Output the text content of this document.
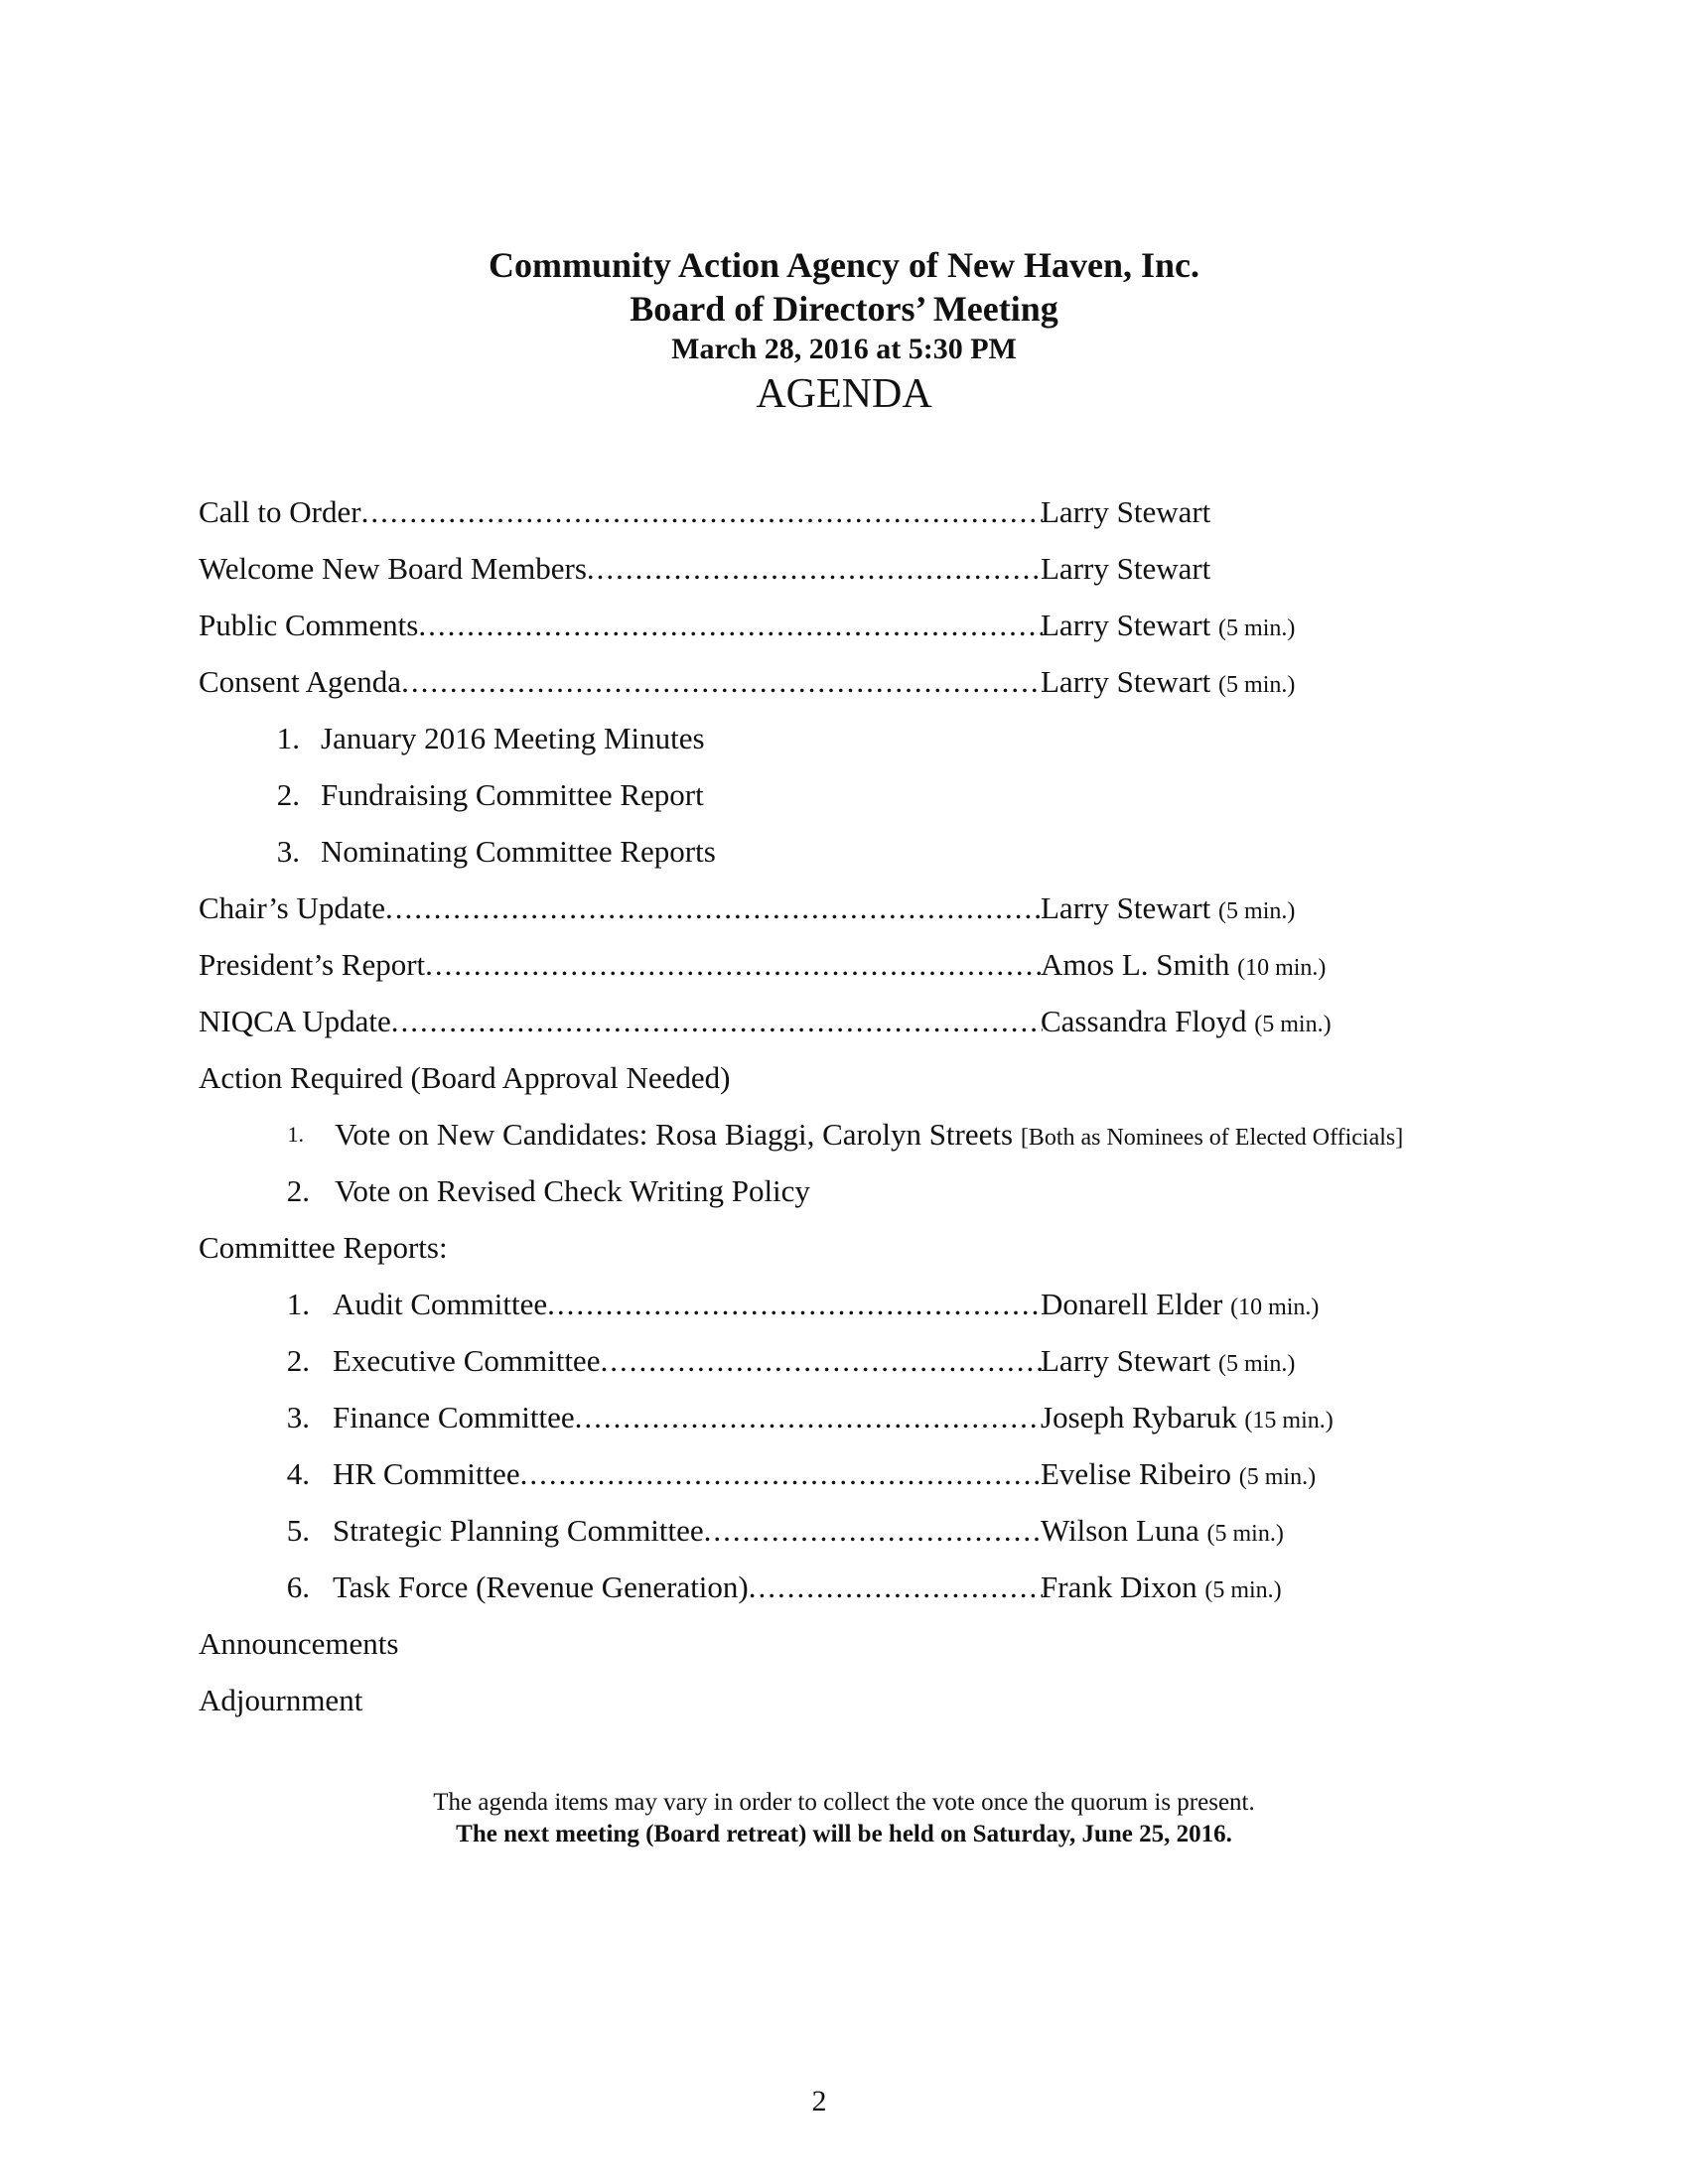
Community Action Agency of New Haven, Inc.
Board of Directors’ Meeting
March 28, 2016 at 5:30 PM
AGENDA
Call to Order .....	Larry Stewart
Welcome New Board Members .....	Larry Stewart
Public Comments .....	Larry Stewart (5 min.)
Consent Agenda .....	Larry Stewart (5 min.)
1. January 2016 Meeting Minutes
2. Fundraising Committee Report
3. Nominating Committee Reports
Chair’s Update .....	Larry Stewart (5 min.)
President’s Report .....	Amos L. Smith (10 min.)
NIQCA Update .....	Cassandra Floyd (5 min.)
Action Required (Board Approval Needed)
1. Vote on New Candidates: Rosa Biaggi, Carolyn Streets [Both as Nominees of Elected Officials]
2. Vote on Revised Check Writing Policy
Committee Reports:
1. Audit Committee .....	Donarell Elder (10 min.)
2. Executive Committee .....	Larry Stewart (5 min.)
3. Finance Committee .....	Joseph Rybaruk (15 min.)
4. HR Committee .....	Evelise Ribeiro (5 min.)
5. Strategic Planning Committee .....	Wilson Luna (5 min.)
6. Task Force (Revenue Generation) .....	Frank Dixon (5 min.)
Announcements
Adjournment
The agenda items may vary in order to collect the vote once the quorum is present.
The next meeting (Board retreat) will be held on Saturday, June 25, 2016.
2
